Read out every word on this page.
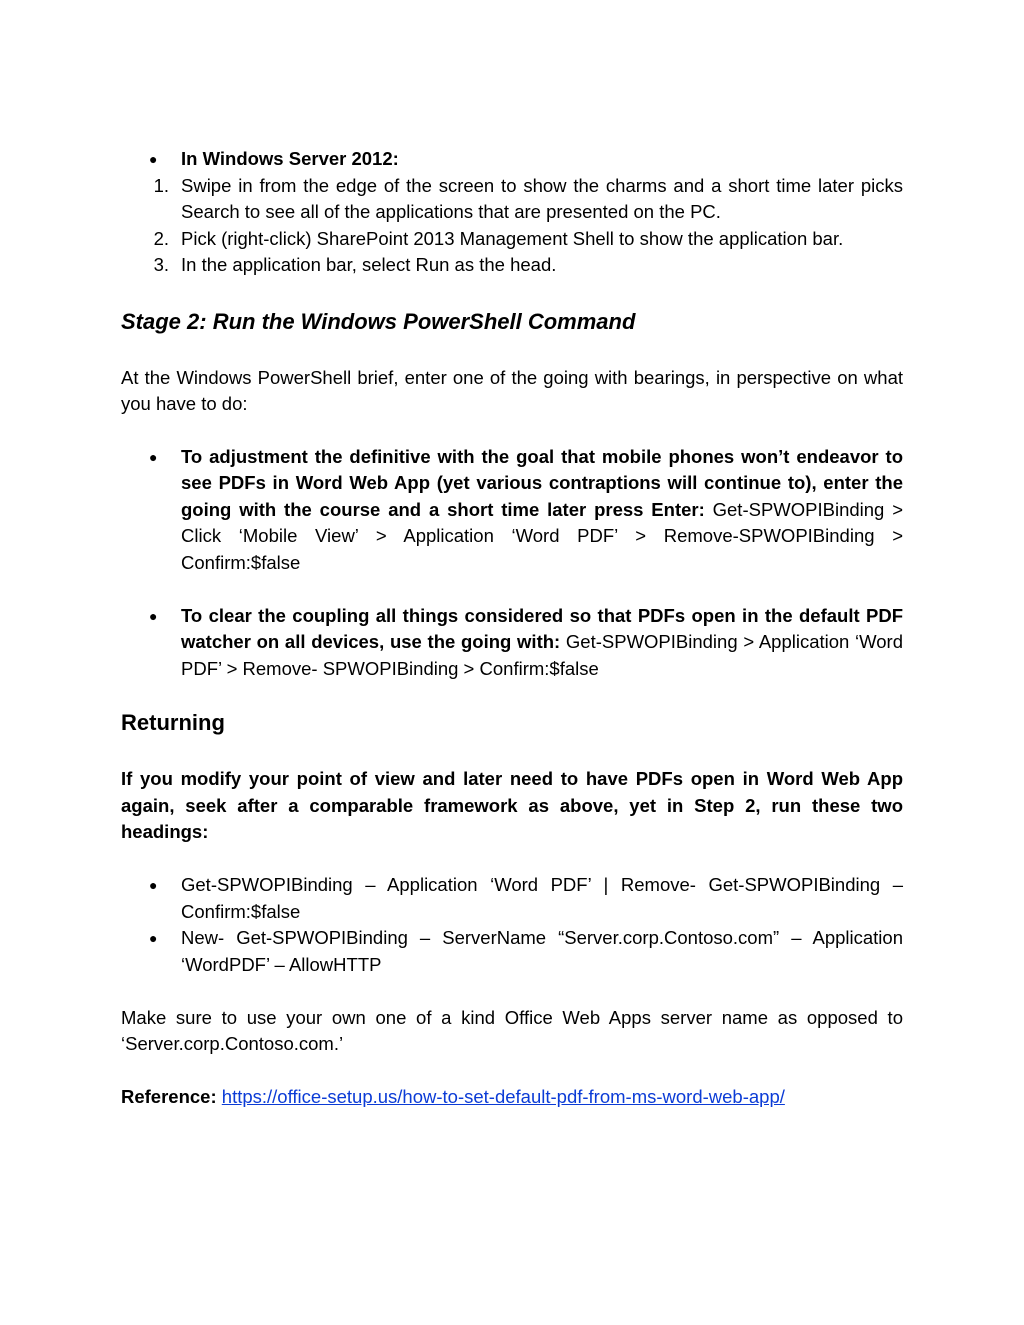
● In Windows Server 2012:
1. Swipe in from the edge of the screen to show the charms and a short time later picks Search to see all of the applications that are presented on the PC.
2. Pick (right-click) SharePoint 2013 Management Shell to show the application bar.
3. In the application bar, select Run as the head.
Stage 2: Run the Windows PowerShell Command

At the Windows PowerShell brief, enter one of the going with bearings, in perspective on what you have to do:

● To adjustment the definitive with the goal that mobile phones won’t endeavor to see PDFs in Word Web App (yet various contraptions will continue to), enter the going with the course and a short time later press Enter: Get-SPWOPIBinding > Click ‘Mobile View’ > Application ‘Word PDF’ > Remove-SPWOPIBinding > Confirm:$false
● To clear the coupling all things considered so that PDFs open in the default PDF watcher on all devices, use the going with: Get-SPWOPIBinding > Application ‘Word PDF’ > Remove- SPWOPIBinding > Confirm:$false
Returning

If you modify your point of view and later need to have PDFs open in Word Web App again, seek after a comparable framework as above, yet in Step 2, run these two headings:

● Get-SPWOPIBinding – Application ‘Word PDF’ | Remove- Get-SPWOPIBinding – Confirm:$false
● New- Get-SPWOPIBinding – ServerName “Server.corp.Contoso.com” – Application ‘WordPDF’ – AllowHTTP

Make sure to use your own one of a kind Office Web Apps server name as opposed to ‘Server.corp.Contoso.com.’

Reference: https://office-setup.us/how-to-set-default-pdf-from-ms-word-web-app/
